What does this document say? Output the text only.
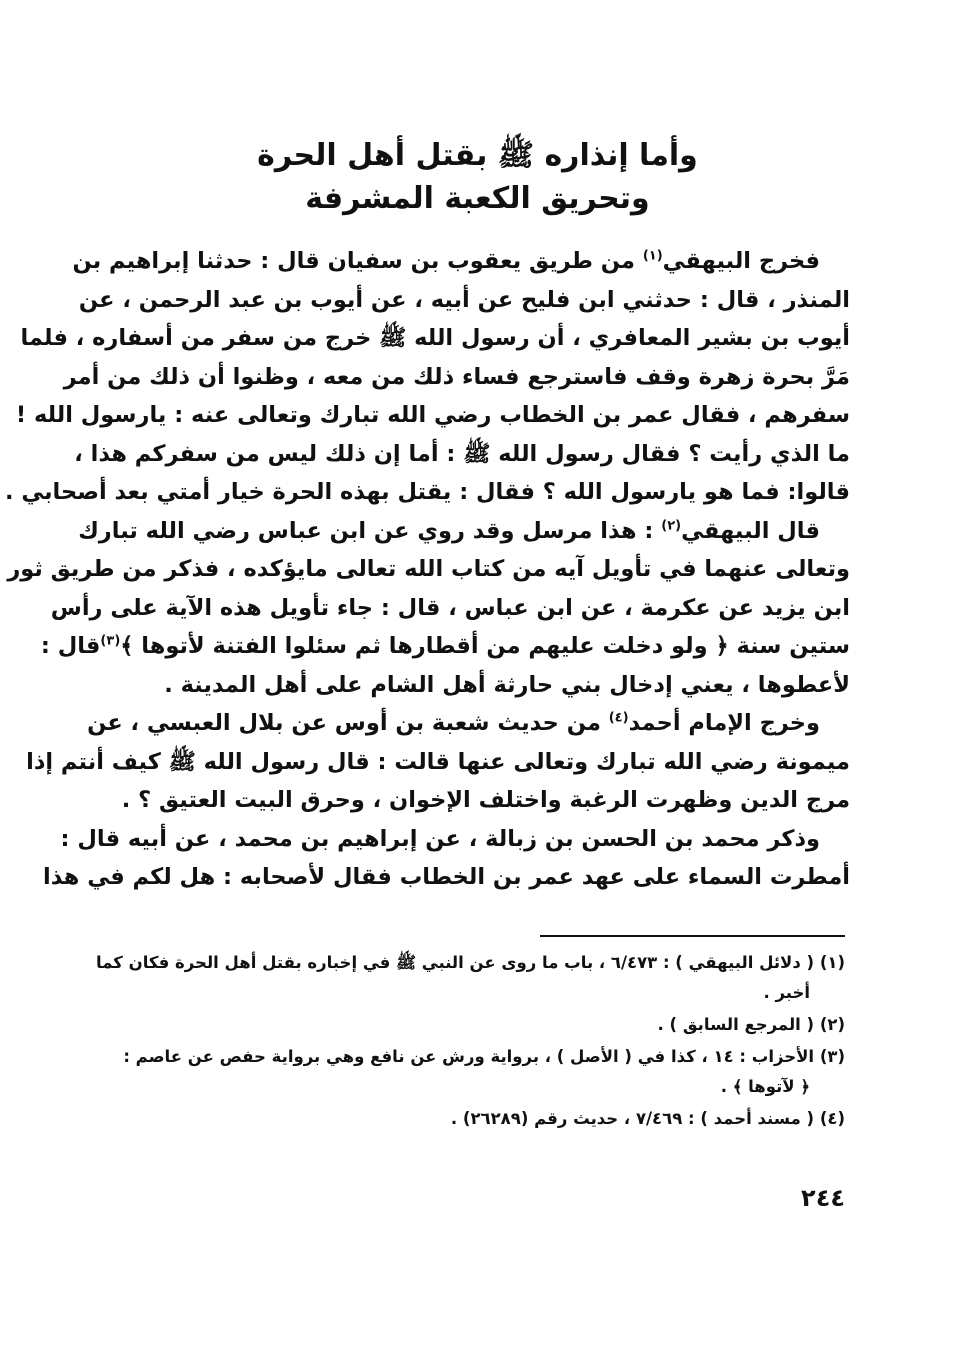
وأما إنذاره ﷺ بقتل أهل الحرة
وتحريق الكعبة المشرفة
فخرج البيهقي$^{(١)}$ من طريق يعقوب بن سفيان قال : حدثنا إبراهيم بن
المنذر ، قال : حدثني ابن فليح عن أبيه ، عن أيوب بن عبد الرحمن ، عن
أيوب بن بشير المعافري ، أن رسول الله ﷺ خرج من سفر من أسفاره ، فلما
مَرَّ بحرة زهرة وقف فاسترجع فساء ذلك من معه ، وظنوا أن ذلك من أمر
سفرهم ، فقال عمر بن الخطاب رضي الله تبارك وتعالى عنه : يارسول الله !
ما الذي رأيت ؟ فقال رسول الله ﷺ : أما إن ذلك ليس من سفركم هذا ،
قالوا: فما هو يارسول الله ؟ فقال : يقتل بهذه الحرة خيار أمتي بعد أصحابي .
قال البيهقي$^{(٢)}$ : هذا مرسل وقد روي عن ابن عباس رضي الله تبارك
وتعالى عنهما في تأويل آيه من كتاب الله تعالى مايؤكده ، فذكر من طريق ثور
ابن يزيد عن عكرمة ، عن ابن عباس ، قال : جاء تأويل هذه الآية على رأس
ستين سنة ﴿ ولو دخلت عليهم من أقطارها ثم سئلوا الفتنة لأتوها ﴾$^{(٣)}$قال :
لأعطوها ، يعني إدخال بني حارثة أهل الشام على أهل المدينة .
وخرج الإمام أحمد$^{(٤)}$ من حديث شعبة بن أوس عن بلال العبسي ، عن
ميمونة رضي الله تبارك وتعالى عنها قالت : قال رسول الله ﷺ كيف أنتم إذا
مرج الدين وظهرت الرغبة واختلف الإخوان ، وحرق البيت العتيق ؟ .
وذكر محمد بن الحسن بن زبالة ، عن إبراهيم بن محمد ، عن أبيه قال :
أمطرت السماء على عهد عمر بن الخطاب فقال لأصحابه : هل لكم في هذا
(١) ( دلائل البيهقي ) : ٦/٤٧٣ ، باب ما روى عن النبي ﷺ في إخباره بقتل أهل الحرة فكان كما
أخبر .
(٢) ( المرجع السابق ) .
(٣) الأحزاب : ١٤ ، كذا في ( الأصل ) ، برواية ورش عن نافع وهي برواية حفص عن عاصم :
﴿ لآتوها ﴾ .
(٤) ( مسند أحمد ) : ٧/٤٦٩ ، حديث رقم (٢٦٢٨٩) .
٢٤٤
